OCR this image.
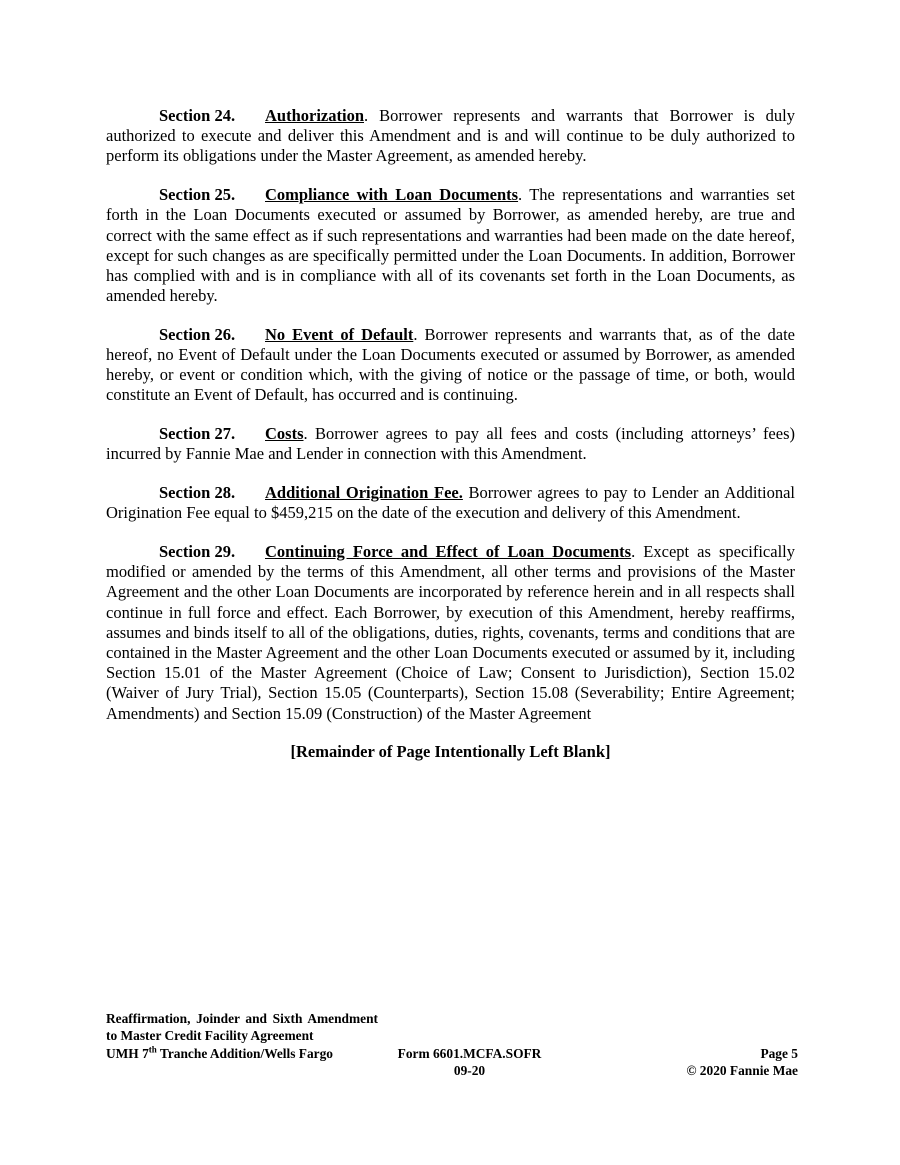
Section 24. Authorization. Borrower represents and warrants that Borrower is duly authorized to execute and deliver this Amendment and is and will continue to be duly authorized to perform its obligations under the Master Agreement, as amended hereby.

Section 25. Compliance with Loan Documents. The representations and warranties set forth in the Loan Documents executed or assumed by Borrower, as amended hereby, are true and correct with the same effect as if such representations and warranties had been made on the date hereof, except for such changes as are specifically permitted under the Loan Documents. In addition, Borrower has complied with and is in compliance with all of its covenants set forth in the Loan Documents, as amended hereby.

Section 26. No Event of Default. Borrower represents and warrants that, as of the date hereof, no Event of Default under the Loan Documents executed or assumed by Borrower, as amended hereby, or event or condition which, with the giving of notice or the passage of time, or both, would constitute an Event of Default, has occurred and is continuing.

Section 27. Costs. Borrower agrees to pay all fees and costs (including attorneys’ fees) incurred by Fannie Mae and Lender in connection with this Amendment.

Section 28. Additional Origination Fee. Borrower agrees to pay to Lender an Additional Origination Fee equal to $459,215 on the date of the execution and delivery of this Amendment.

Section 29. Continuing Force and Effect of Loan Documents. Except as specifically modified or amended by the terms of this Amendment, all other terms and provisions of the Master Agreement and the other Loan Documents are incorporated by reference herein and in all respects shall continue in full force and effect. Each Borrower, by execution of this Amendment, hereby reaffirms, assumes and binds itself to all of the obligations, duties, rights, covenants, terms and conditions that are contained in the Master Agreement and the other Loan Documents executed or assumed by it, including Section 15.01 of the Master Agreement (Choice of Law; Consent to Jurisdiction), Section 15.02 (Waiver of Jury Trial), Section 15.05 (Counterparts), Section 15.08 (Severability; Entire Agreement; Amendments) and Section 15.09 (Construction) of the Master Agreement

[Remainder of Page Intentionally Left Blank]
Reaffirmation, Joinder and Sixth Amendment to Master Credit Facility Agreement
UMH 7th Tranche Addition/Wells Fargo	Form 6601.MCFA.SOFR
09-20
Page 5
© 2020 Fannie Mae
